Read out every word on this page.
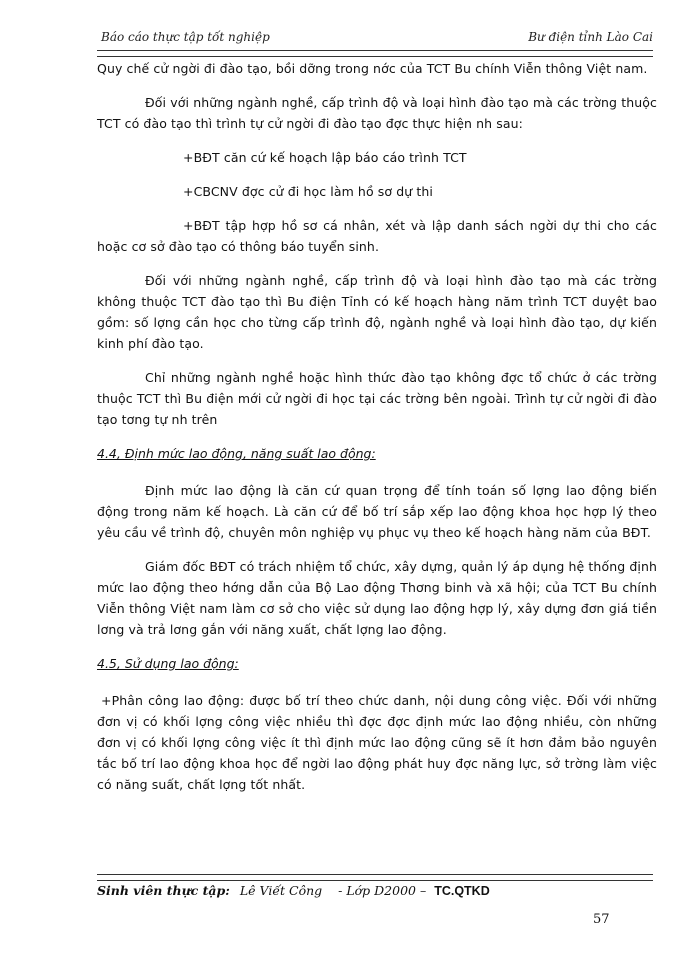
Báo cáo thực tập tốt nghiệp	Bư điện tỉnh Lào Cai

Quy chế cử ngời đi đào tạo, bồi dỡng trong nớc của TCT Bu chính Viễn thông Việt nam.

Đối với những ngành nghề, cấp trình độ và loại hình đào tạo mà các trờng thuộc TCT có đào tạo thì trình tự cử ngời đi đào tạo đợc thực hiện nh sau:

+BĐT căn cứ kế hoạch lập báo cáo trình TCT

+CBCNV đợc cử đi học làm hồ sơ dự thi

+BĐT tập hợp hồ sơ cá nhân, xét và lập danh sách ngời dự thi cho các hoặc cơ sở đào tạo có thông báo tuyển sinh.

Đối với những ngành nghề, cấp trình độ và loại hình đào tạo mà các trờng không thuộc TCT đào tạo thì Bu điện Tỉnh có kế hoạch hàng năm trình TCT duyệt bao gồm: số lợng cần học cho từng cấp trình độ, ngành nghề và loại hình đào tạo, dự kiến kinh phí đào tạo.

Chỉ những ngành nghề hoặc hình thức đào tạo không đợc tổ chức ở các trờng thuộc TCT thì Bu điện mới cử ngời đi học tại các trờng bên ngoài. Trình tự cử ngời đi đào tạo tơng tự nh trên

4.4, Định mức lao động, năng suất lao động:

Định mức lao động là căn cứ quan trọng để tính toán số lợng lao động biến động trong năm kế hoạch. Là căn cứ để bố trí sắp xếp lao động khoa học hợp lý theo yêu cầu về trình độ, chuyên môn nghiệp vụ phục vụ theo kế hoạch hàng năm của BĐT.

Giám đốc BĐT có trách nhiệm tổ chức, xây dựng, quản lý áp dụng hệ thống định mức lao động theo hớng dẫn của Bộ Lao động Thơng binh và xã hội; của TCT Bu chính Viễn thông Việt nam làm cơ sở cho việc sử dụng lao động hợp lý, xây dựng đơn giá tiền lơng và trả lơng gắn với năng xuất, chất lợng lao động.

4.5, Sử dụng lao động:

+Phân công lao động: được bố trí theo chức danh, nội dung công việc. Đối với những đơn vị có khối lợng công việc nhiều thì đợc đợc định mức lao động nhiều, còn những đơn vị có khối lợng công việc ít thì định mức lao động cũng sẽ ít hơn đảm bảo nguyên tắc bố trí lao động khoa học để ngời lao động phát huy đợc năng lực, sở trờng làm việc có năng suất, chất lợng tốt nhất.

Sinh viên thực tập: Lê Viết Công - Lớp D2000 – TC.QTKD
57
